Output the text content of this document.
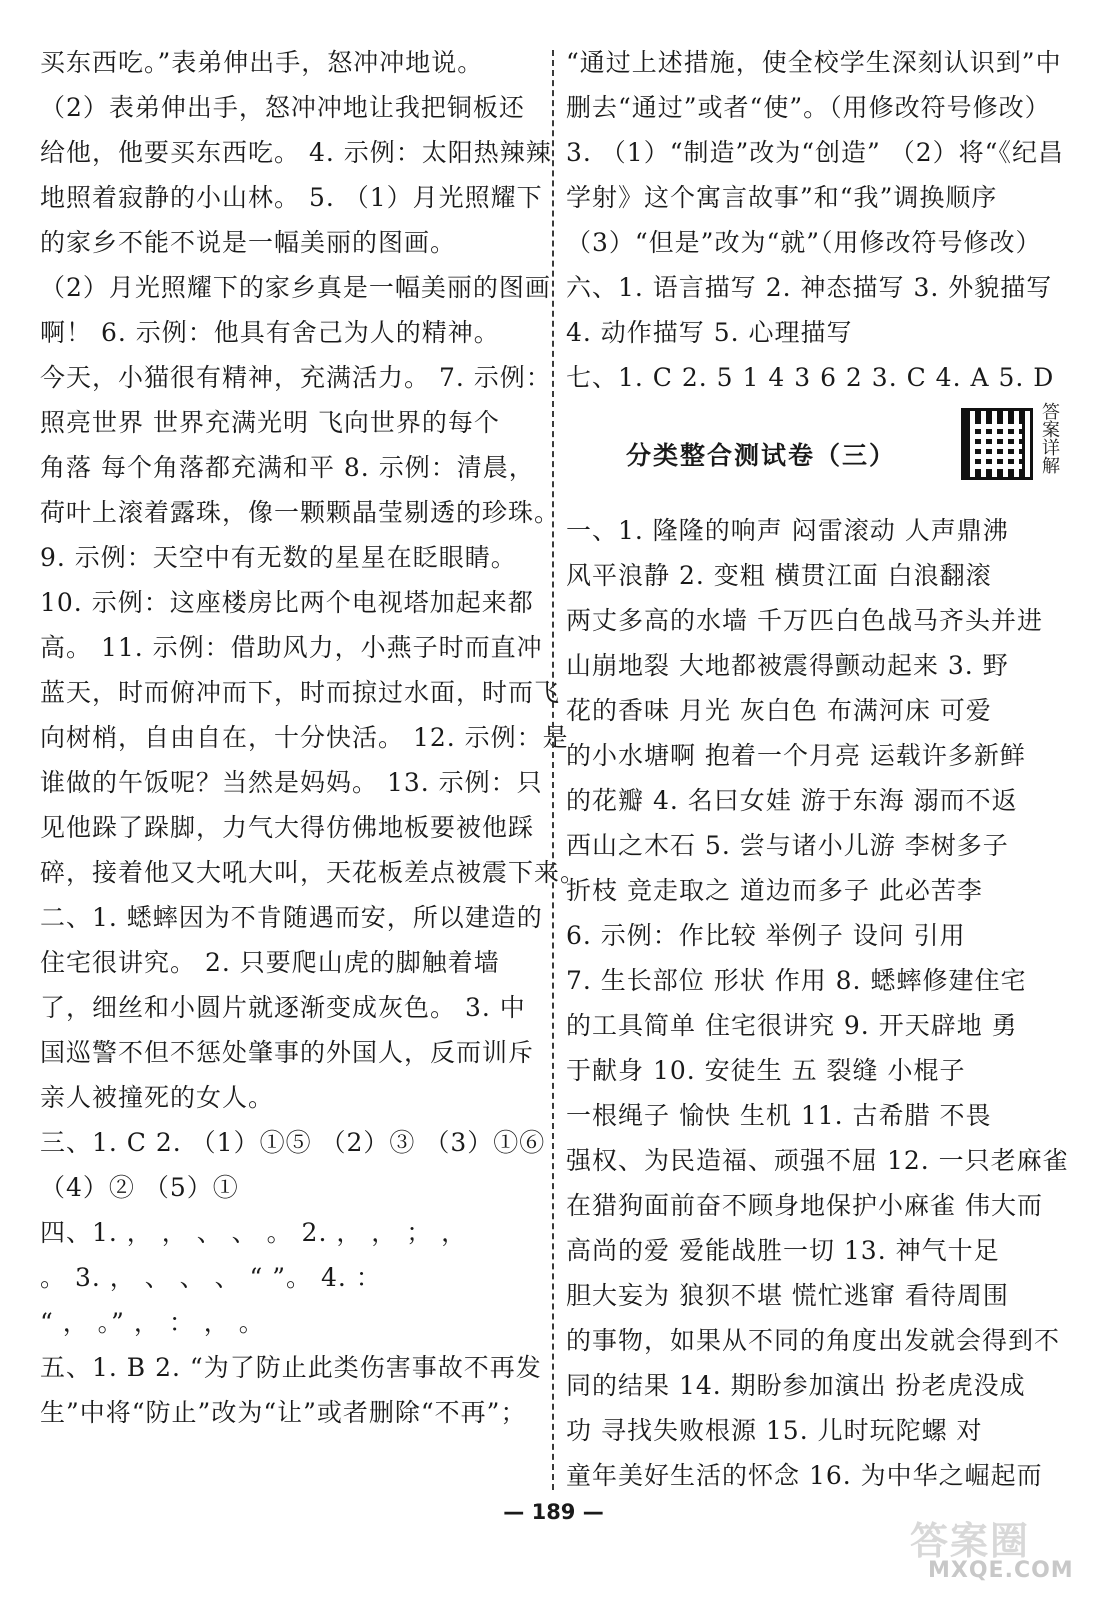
买东西吃。”表弟伸出手，怒冲冲地说。
（2）表弟伸出手，怒冲冲地让我把铜板还
给他，他要买东西吃。 4. 示例：太阳热辣辣
地照着寂静的小山林。 5. （1）月光照耀下
的家乡不能不说是一幅美丽的图画。
（2）月光照耀下的家乡真是一幅美丽的图画
啊！ 6. 示例：他具有舍己为人的精神。
今天，小猫很有精神，充满活力。 7. 示例：
照亮世界 世界充满光明 飞向世界的每个
角落 每个角落都充满和平 8. 示例：清晨，
荷叶上滚着露珠，像一颗颗晶莹剔透的珍珠。
9. 示例：天空中有无数的星星在眨眼睛。
10. 示例：这座楼房比两个电视塔加起来都
高。 11. 示例：借助风力，小燕子时而直冲
蓝天，时而俯冲而下，时而掠过水面，时而飞
向树梢，自由自在，十分快活。 12. 示例：是
谁做的午饭呢？当然是妈妈。 13. 示例：只
见他跺了跺脚，力气大得仿佛地板要被他踩
碎，接着他又大吼大叫，天花板差点被震下来。
二、1. 蟋蟀因为不肯随遇而安，所以建造的
住宅很讲究。 2. 只要爬山虎的脚触着墙
了，细丝和小圆片就逐渐变成灰色。 3. 中
国巡警不但不惩处肇事的外国人，反而训斥
亲人被撞死的女人。
三、1. C 2. （1）①⑤ （2）③ （3）①⑥
（4）② （5）①
四、1. ， ， 、 、 。 2. ， ， ； ，
。 3. ， 、 、 、 “ ”。 4. ：
“ ， 。” ， ： ， 。
五、1. B 2. “为了防止此类伤害事故不再发
生”中将“防止”改为“让”或者删除“不再”；
“通过上述措施，使全校学生深刻认识到”中
删去“通过”或者“使”。（用修改符号修改）
3. （1）“制造”改为“创造” （2）将“《纪昌
学射》这个寓言故事”和“我”调换顺序
（3）“但是”改为“就”（用修改符号修改）
六、1. 语言描写 2. 神态描写 3. 外貌描写
4. 动作描写 5. 心理描写
七、1. C 2. 5 1 4 3 6 2 3. C 4. A 5. D
分类整合测试卷（三）	答案详解
一、1. 隆隆的响声 闷雷滚动 人声鼎沸
风平浪静 2. 变粗 横贯江面 白浪翻滚
两丈多高的水墙 千万匹白色战马齐头并进
山崩地裂 大地都被震得颤动起来 3. 野
花的香味 月光 灰白色 布满河床 可爱
的小水塘啊 抱着一个月亮 运载许多新鲜
的花瓣 4. 名曰女娃 游于东海 溺而不返
西山之木石 5. 尝与诸小儿游 李树多子
折枝 竞走取之 道边而多子 此必苦李
6. 示例：作比较 举例子 设问 引用
7. 生长部位 形状 作用 8. 蟋蟀修建住宅
的工具简单 住宅很讲究 9. 开天辟地 勇
于献身 10. 安徒生 五 裂缝 小棍子
一根绳子 愉快 生机 11. 古希腊 不畏
强权、为民造福、顽强不屈 12. 一只老麻雀
在猎狗面前奋不顾身地保护小麻雀 伟大而
高尚的爱 爱能战胜一切 13. 神气十足
胆大妄为 狼狈不堪 慌忙逃窜 看待周围
的事物，如果从不同的角度出发就会得到不
同的结果 14. 期盼参加演出 扮老虎没成
功 寻找失败根源 15. 儿时玩陀螺 对
童年美好生活的怀念 16. 为中华之崛起而
— 189 —
答案圈
MXQE.COM
